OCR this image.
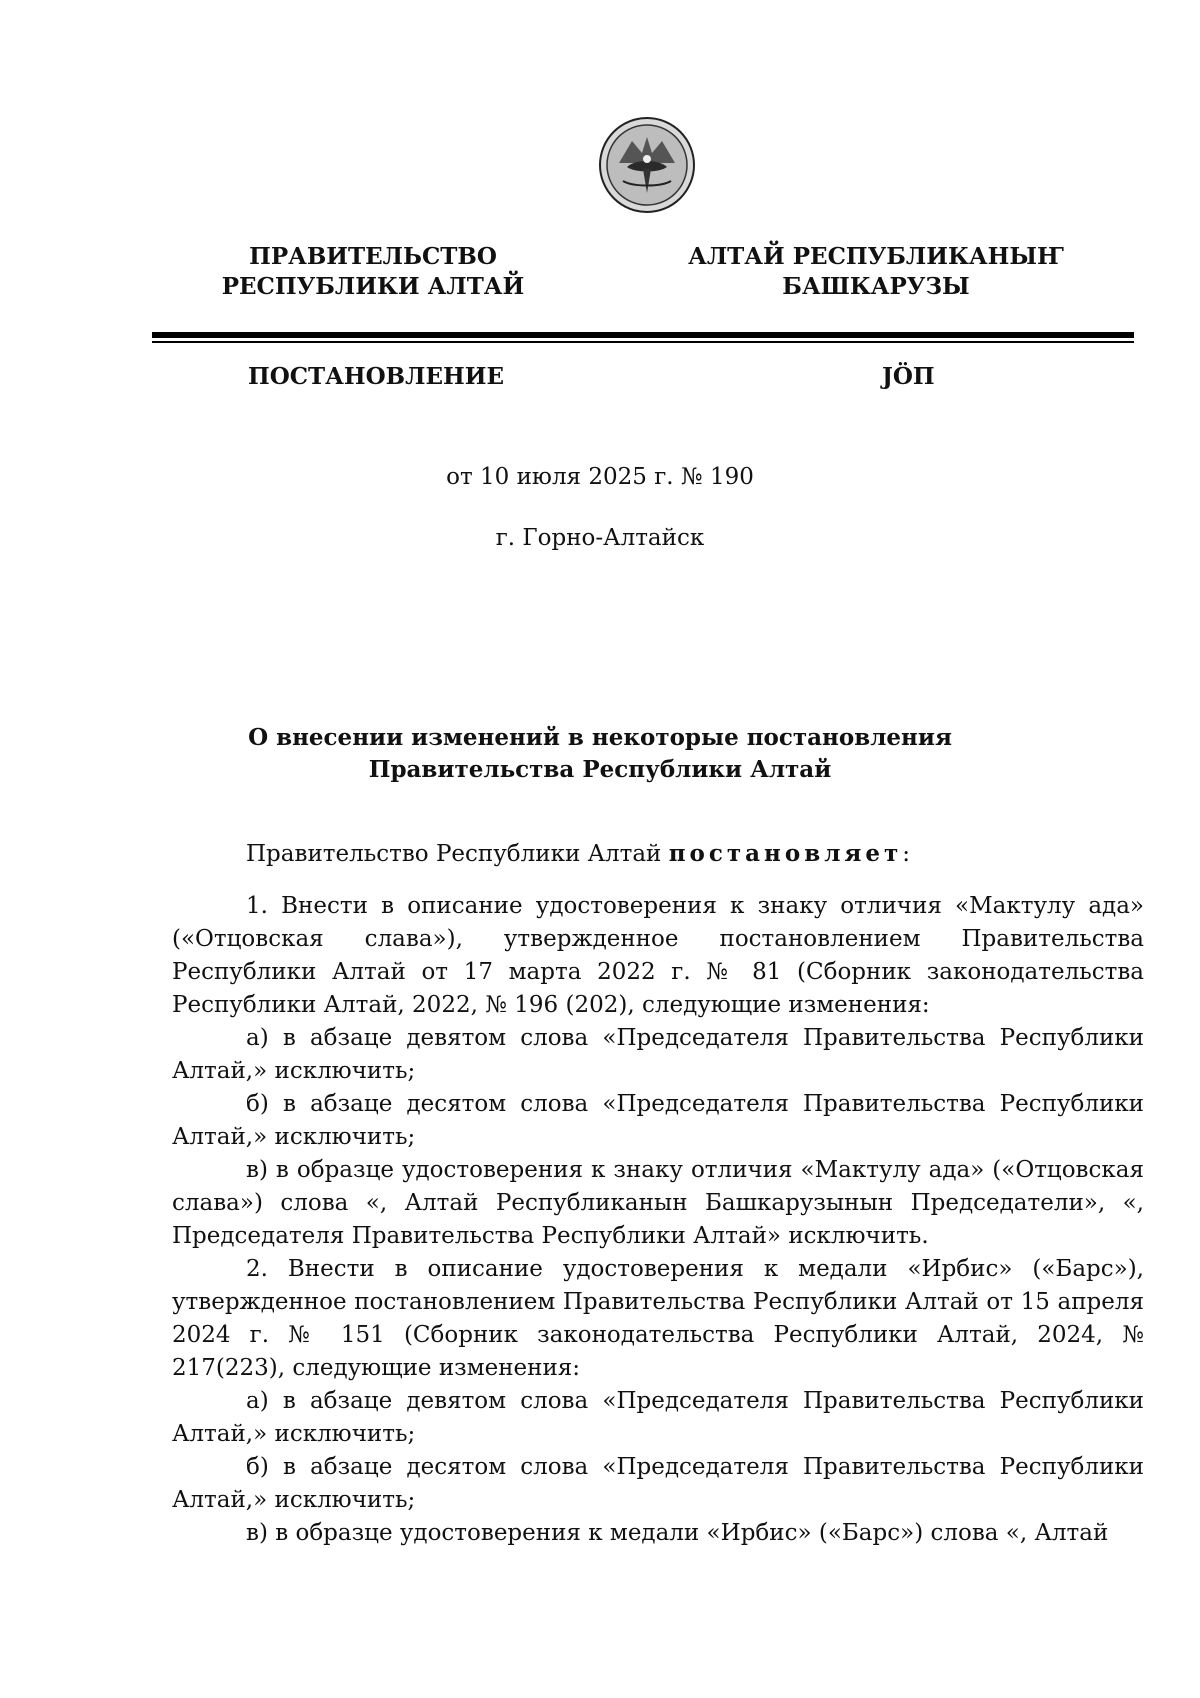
ПРАВИТЕЛЬСТВО
РЕСПУБЛИКИ АЛТАЙ
АЛТАЙ РЕСПУБЛИКАНЫҤ
БАШКАРУЗЫ
ПОСТАНОВЛЕНИЕ	ЈÖП
от 10 июля 2025 г. № 190
г. Горно-Алтайск
О внесении изменений в некоторые постановления
Правительства Республики Алтай
Правительство Республики Алтай постановляет:

1. Внести в описание удостоверения к знаку отличия «Мактулу ада» («Отцовская слава»), утвержденное постановлением Правительства Республики Алтай от 17 марта 2022 г. № 81 (Сборник законодательства Республики Алтай, 2022, № 196 (202), следующие изменения:

а) в абзаце девятом слова «Председателя Правительства Республики Алтай,» исключить;

б) в абзаце десятом слова «Председателя Правительства Республики Алтай,» исключить;

в) в образце удостоверения к знаку отличия «Мактулу ада» («Отцовская слава») слова «, Алтай Республиканын Башкарузынын Председатели», «, Председателя Правительства Республики Алтай» исключить.

2. Внести в описание удостоверения к медали «Ирбис» («Барс»), утвержденное постановлением Правительства Республики Алтай от 15 апреля 2024 г. № 151 (Сборник законодательства Республики Алтай, 2024, № 217(223), следующие изменения:

а) в абзаце девятом слова «Председателя Правительства Республики Алтай,» исключить;

б) в абзаце десятом слова «Председателя Правительства Республики Алтай,» исключить;

в) в образце удостоверения к медали «Ирбис» («Барс») слова «, Алтай
